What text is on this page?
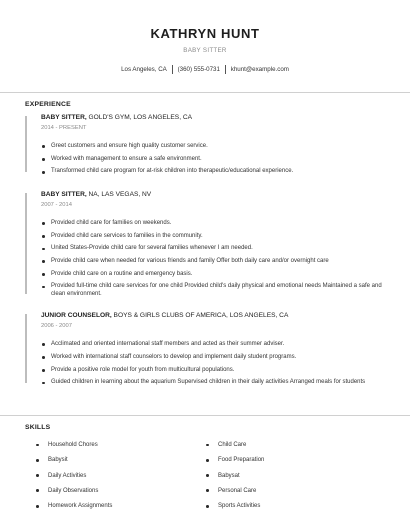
KATHRYN HUNT
BABY SITTER
Los Angeles, CA (360) 555-0731 khunt@example.com
EXPERIENCE
BABY SITTER, GOLD'S GYM, LOS ANGELES, CA
2014 - PRESENT
Greet customers and ensure high quality customer service.
Worked with management to ensure a safe environment.
Transformed child care program for at-risk children into therapeutic/educational experience.
BABY SITTER, NA, LAS VEGAS, NV
2007 - 2014
Provided child care for families on weekends.
Provided child care services to families in the community.
United States-Provide child care for several families whenever I am needed.
Provide child care when needed for various friends and family Offer both daily care and/or overnight care
Provide child care on a routine and emergency basis.
Provided full-time child care services for one child Provided child's daily physical and emotional needs Maintained a safe and clean environment.
JUNIOR COUNSELOR, BOYS & GIRLS CLUBS OF AMERICA, LOS ANGELES, CA
2006 - 2007
Acclimated and oriented international staff members and acted as their summer adviser.
Worked with international staff counselors to develop and implement daily student programs.
Provide a positive role model for youth from multicultural populations.
Guided children in learning about the aquarium Supervised children in their daily activities Arranged meals for students
SKILLS
Household Chores
Babysit
Daily Activities
Daily Observations
Homework Assignments
Child Care
Food Preparation
Babysat
Personal Care
Sports Activities
